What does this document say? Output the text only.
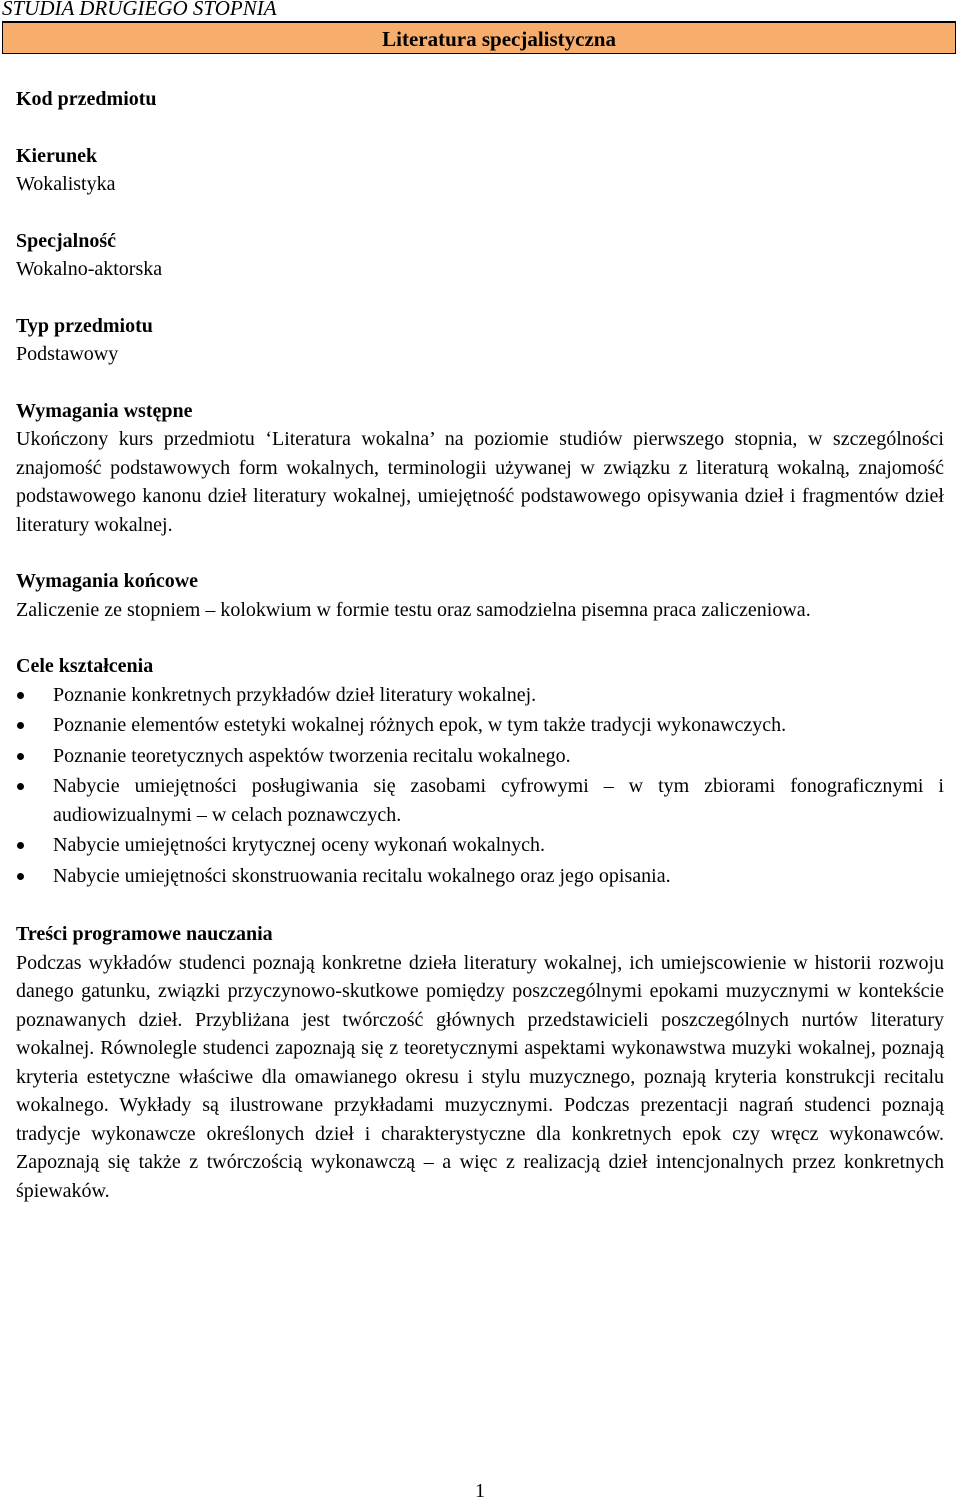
STUDIA DRUGIEGO STOPNIA
Literatura specjalistyczna
Kod przedmiotu
Kierunek
Wokalistyka
Specjalność
Wokalno-aktorska
Typ przedmiotu
Podstawowy
Wymagania wstępne
Ukończony kurs przedmiotu ‘Literatura wokalna’ na poziomie studiów pierwszego stopnia, w szczególności znajomość podstawowych form wokalnych, terminologii używanej w związku z literaturą wokalną, znajomość podstawowego kanonu dzieł literatury wokalnej, umiejętność podstawowego opisywania dzieł i fragmentów dzieł literatury wokalnej.
Wymagania końcowe
Zaliczenie ze stopniem – kolokwium w formie testu oraz samodzielna pisemna praca zaliczeniowa.
Cele kształcenia
Poznanie konkretnych przykładów dzieł literatury wokalnej.
Poznanie elementów estetyki wokalnej różnych epok, w tym także tradycji wykonawczych.
Poznanie teoretycznych aspektów tworzenia recitalu wokalnego.
Nabycie umiejętności posługiwania się zasobami cyfrowymi – w tym zbiorami fonograficznymi i audiowizualnymi – w celach poznawczych.
Nabycie umiejętności krytycznej oceny wykonań wokalnych.
Nabycie umiejętności skonstruowania recitalu wokalnego oraz jego opisania.
Treści programowe nauczania
Podczas wykładów studenci poznają konkretne dzieła literatury wokalnej, ich umiejscowienie w historii rozwoju danego gatunku, związki przyczynowo-skutkowe pomiędzy poszczególnymi epokami muzycznymi w kontekście poznawanych dzieł. Przybliżana jest twórczość głównych przedstawicieli poszczególnych nurtów literatury wokalnej. Równolegle studenci zapoznają się z teoretycznymi aspektami wykonawstwa muzyki wokalnej, poznają kryteria estetyczne właściwe dla omawianego okresu i stylu muzycznego, poznają kryteria konstrukcji recitalu wokalnego. Wykłady są ilustrowane przykładami muzycznymi. Podczas prezentacji nagrań studenci poznają tradycje wykonawcze określonych dzieł i charakterystyczne dla konkretnych epok czy wręcz wykonawców. Zapoznają się także z twórczością wykonawczą – a więc z realizacją dzieł intencjonalnych przez konkretnych śpiewaków.
1
